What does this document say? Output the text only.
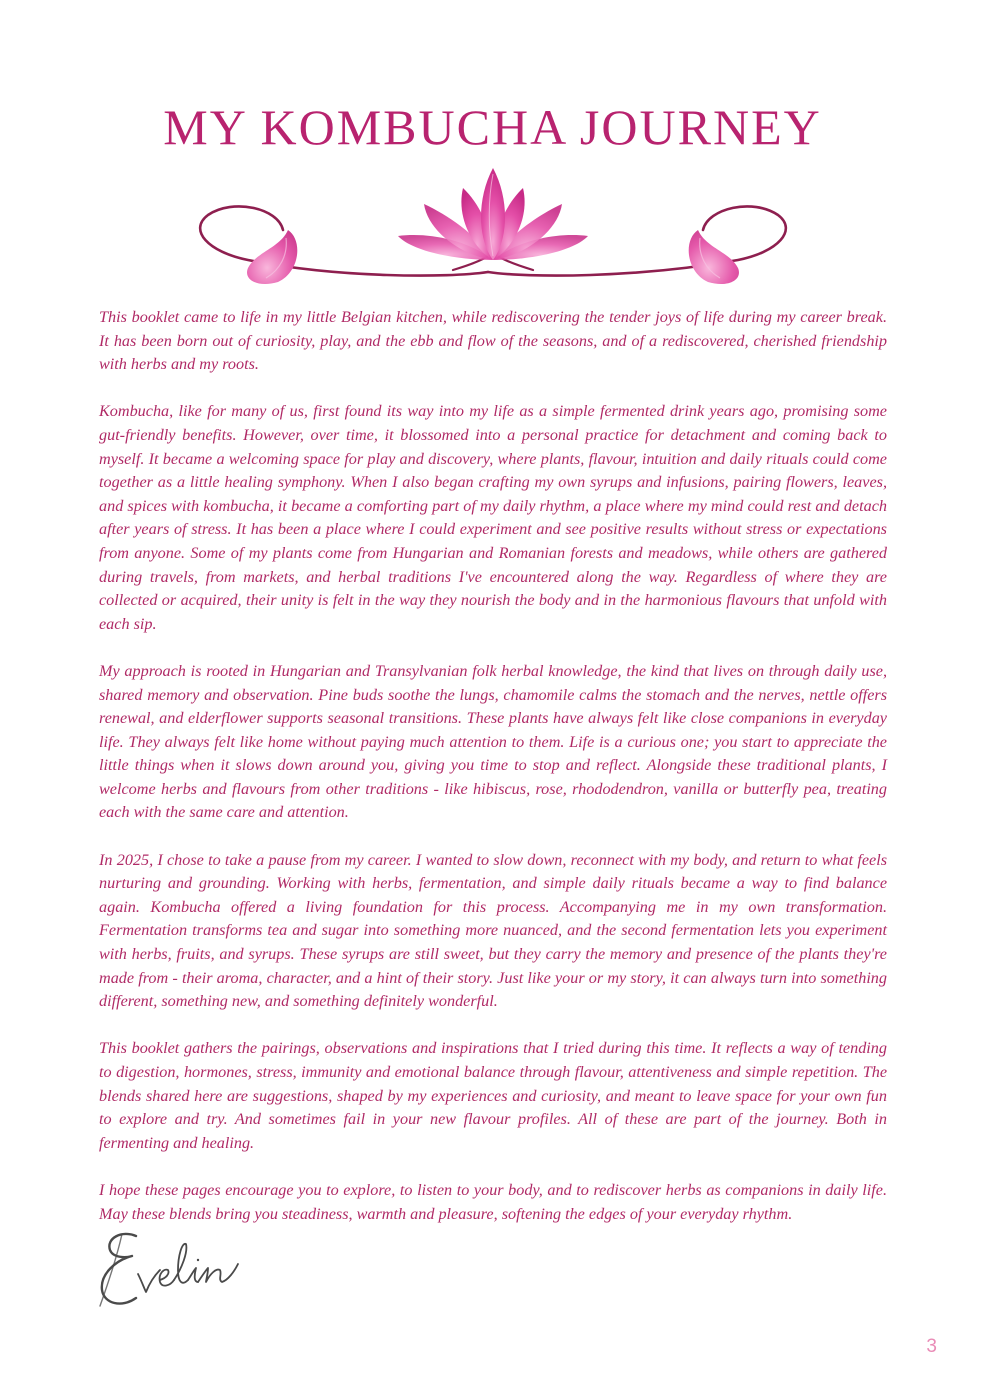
MY KOMBUCHA JOURNEY

This booklet came to life in my little Belgian kitchen, while rediscovering the tender joys of life during my career break. It has been born out of curiosity, play, and the ebb and flow of the seasons, and of a rediscovered, cherished friendship with herbs and my roots.

Kombucha, like for many of us, first found its way into my life as a simple fermented drink years ago, promising some gut-friendly benefits. However, over time, it blossomed into a personal practice for detachment and coming back to myself. It became a welcoming space for play and discovery, where plants, flavour, intuition and daily rituals could come together as a little healing symphony. When I also began crafting my own syrups and infusions, pairing flowers, leaves, and spices with kombucha, it became a comforting part of my daily rhythm, a place where my mind could rest and detach after years of stress. It has been a place where I could experiment and see positive results without stress or expectations from anyone. Some of my plants come from Hungarian and Romanian forests and meadows, while others are gathered during travels, from markets, and herbal traditions I've encountered along the way. Regardless of where they are collected or acquired, their unity is felt in the way they nourish the body and in the harmonious flavours that unfold with each sip.

My approach is rooted in Hungarian and Transylvanian folk herbal knowledge, the kind that lives on through daily use, shared memory and observation. Pine buds soothe the lungs, chamomile calms the stomach and the nerves, nettle offers renewal, and elderflower supports seasonal transitions. These plants have always felt like close companions in everyday life. They always felt like home without paying much attention to them. Life is a curious one; you start to appreciate the little things when it slows down around you, giving you time to stop and reflect. Alongside these traditional plants, I welcome herbs and flavours from other traditions - like hibiscus, rose, rhododendron, vanilla or butterfly pea, treating each with the same care and attention.

In 2025, I chose to take a pause from my career. I wanted to slow down, reconnect with my body, and return to what feels nurturing and grounding. Working with herbs, fermentation, and simple daily rituals became a way to find balance again. Kombucha offered a living foundation for this process. Accompanying me in my own transformation. Fermentation transforms tea and sugar into something more nuanced, and the second fermentation lets you experiment with herbs, fruits, and syrups. These syrups are still sweet, but they carry the memory and presence of the plants they're made from - their aroma, character, and a hint of their story. Just like your or my story, it can always turn into something different, something new, and something definitely wonderful.

This booklet gathers the pairings, observations and inspirations that I tried during this time. It reflects a way of tending to digestion, hormones, stress, immunity and emotional balance through flavour, attentiveness and simple repetition. The blends shared here are suggestions, shaped by my experiences and curiosity, and meant to leave space for your own fun to explore and try. And sometimes fail in your new flavour profiles. All of these are part of the journey. Both in fermenting and healing.

I hope these pages encourage you to explore, to listen to your body, and to rediscover herbs as companions in daily life. May these blends bring you steadiness, warmth and pleasure, softening the edges of your everyday rhythm.

3
